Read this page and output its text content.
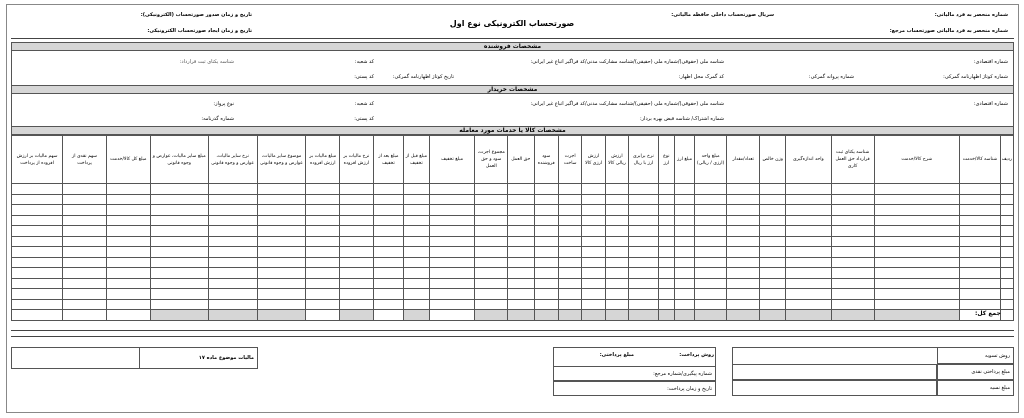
شماره منحصر به فرد مالیاتی:
سریال صورتحساب داخلی حافظه مالیاتی:
تاریخ و زمان صدور صورتحساب (الکترونیکی):
صورتحساب الکترونیکی نوع اول
شماره منحصر به فرد مالیاتی صورتحساب مرجع:
تاریخ و زمان ایجاد صورتحساب الکترونیکی:
مشخصات فروشنده
شماره اقتصادی:
شناسه ملی (حقوقی)/شماره ملی (حقیقی)/شناسه مشارکت مدنی/کد فراگیر اتباع غیر ایرانی:
کد شعبه:
شناسه یکتای ثبت قرارداد:
شماره کوتاژ اظهارنامه گمرکی:
شماره پروانه گمرکی:
کد گمرک محل اظهار:
تاریخ کوتاژ اظهارنامه گمرکی:
کد پستی:
مشخصات خریدار
شماره اقتصادی:
شناسه ملی (حقوقی)/شماره ملی (حقیقی)/شناسه مشارکت مدنی/کد فراگیر اتباع غیر ایرانی:
کد شعبه:
نوع پرواز:
شماره اشتراک/ شناسه قبض بهره بردار:
کد پستی:
شماره گذرنامه:
مشخصات کالا یا خدمات مورد معامله
ردیف	شناسه کالا/خدمت	شرح کالا/خدمت	شناسه یکتای ثبت قرارداد حق العمل کاری	واحد اندازه‌گیری	وزن خالص	تعداد/مقدار	مبلغ واحد (ارزی / ریالی)	مبلغ ارز	نوع ارز	نرخ برابری ارز با ریال	ارزش ریالی کالا	ارزش ارزی کالا	اجرت ساخت	سود فروشنده	حق العمل	مجموع اجرت، سود و حق العمل	مبلغ تخفیف	مبلغ قبل از تخفیف	مبلغ بعد از تخفیف	نرخ مالیات بر ارزش افزوده	مبلغ مالیات بر ارزش افزوده	موضوع سایر مالیات، عوارض و وجوه قانونی	نرخ سایر مالیات، عوارض و وجوه قانونی	مبلغ سایر مالیات، عوارض و وجوه قانونی	مبلغ کل کالا/خدمت	سهم نقدی از پرداخت	سهم مالیات بر ارزش افزوده از پرداخت

جمع کل:
روش تسویه
مبلغ پرداختی نقدی
مبلغ نسیه
روش پرداخت:
مبلغ پرداختی:
شماره پیگیری/شماره مرجع:
تاریخ و زمان پرداخت:
مالیات موضوع ماده ۱۷
